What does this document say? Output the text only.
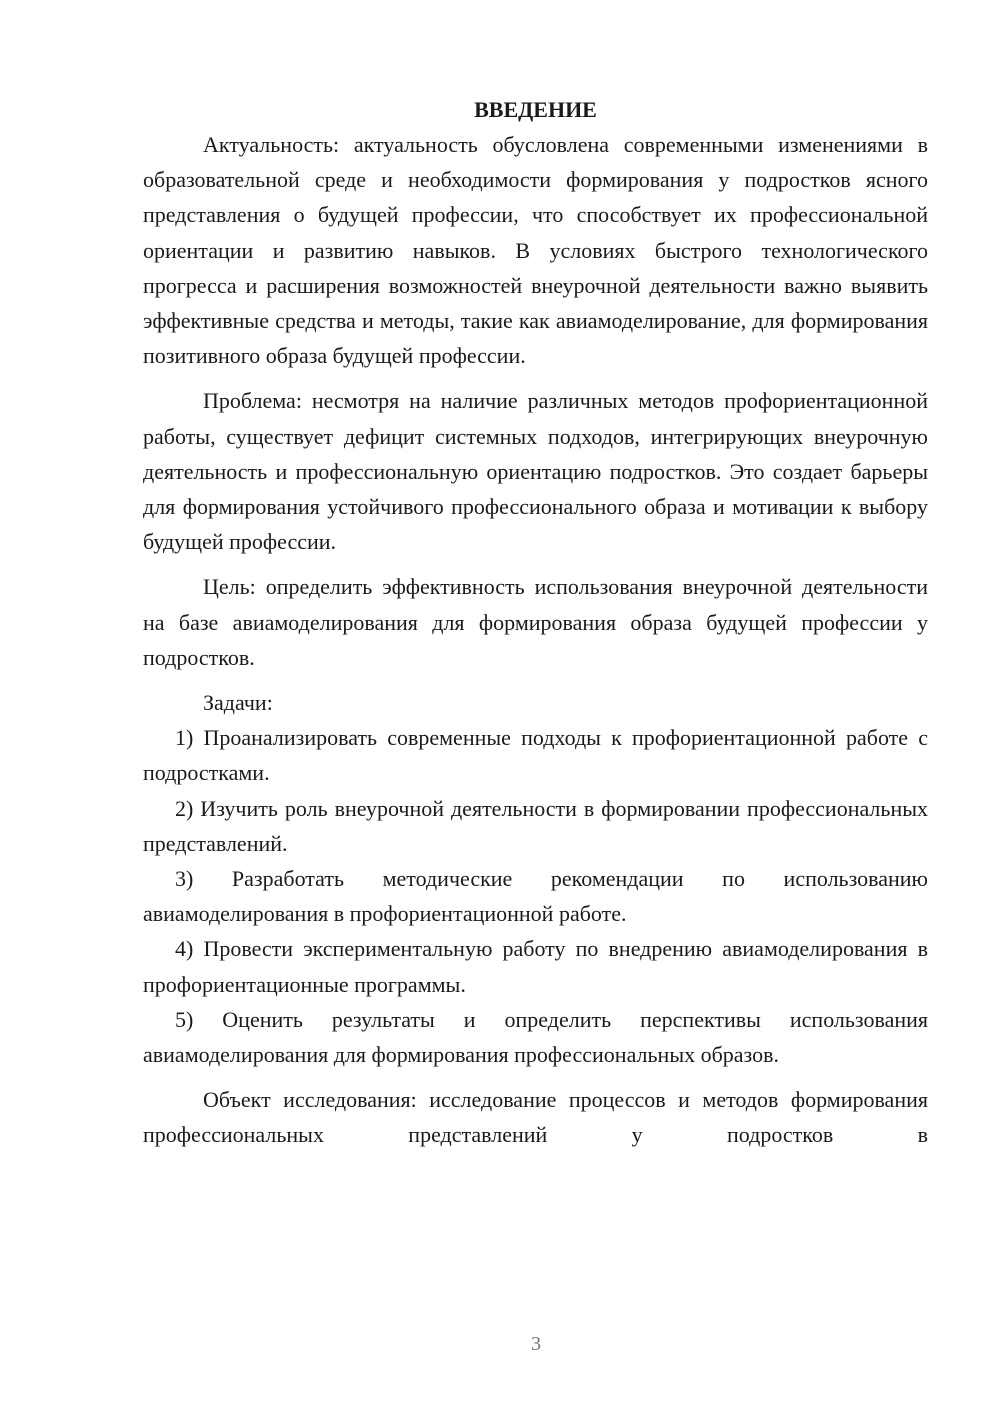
ВВЕДЕНИЕ

Актуальность: актуальность обусловлена современными изменениями в образовательной среде и необходимости формирования у подростков ясного представления о будущей профессии, что способствует их профессиональной ориентации и развитию навыков. В условиях быстрого технологического прогресса и расширения возможностей внеурочной деятельности важно выявить эффективные средства и методы, такие как авиамоделирование, для формирования позитивного образа будущей профессии.

Проблема: несмотря на наличие различных методов профориентационной работы, существует дефицит системных подходов, интегрирующих внеурочную деятельность и профессиональную ориентацию подростков. Это создает барьеры для формирования устойчивого профессионального образа и мотивации к выбору будущей профессии.

Цель: определить эффективность использования внеурочной деятельности на базе авиамоделирования для формирования образа будущей профессии у подростков.

Задачи:

1) Проанализировать современные подходы к профориентационной работе с подростками.

2) Изучить роль внеурочной деятельности в формировании профессиональных представлений.

3) Разработать методические рекомендации по использованию авиамоделирования в профориентационной работе.

4) Провести экспериментальную работу по внедрению авиамоделирования в профориентационные программы.

5) Оценить результаты и определить перспективы использования авиамоделирования для формирования профессиональных образов.

Объект исследования: исследование процессов и методов формирования профессиональных представлений у подростков в

3
